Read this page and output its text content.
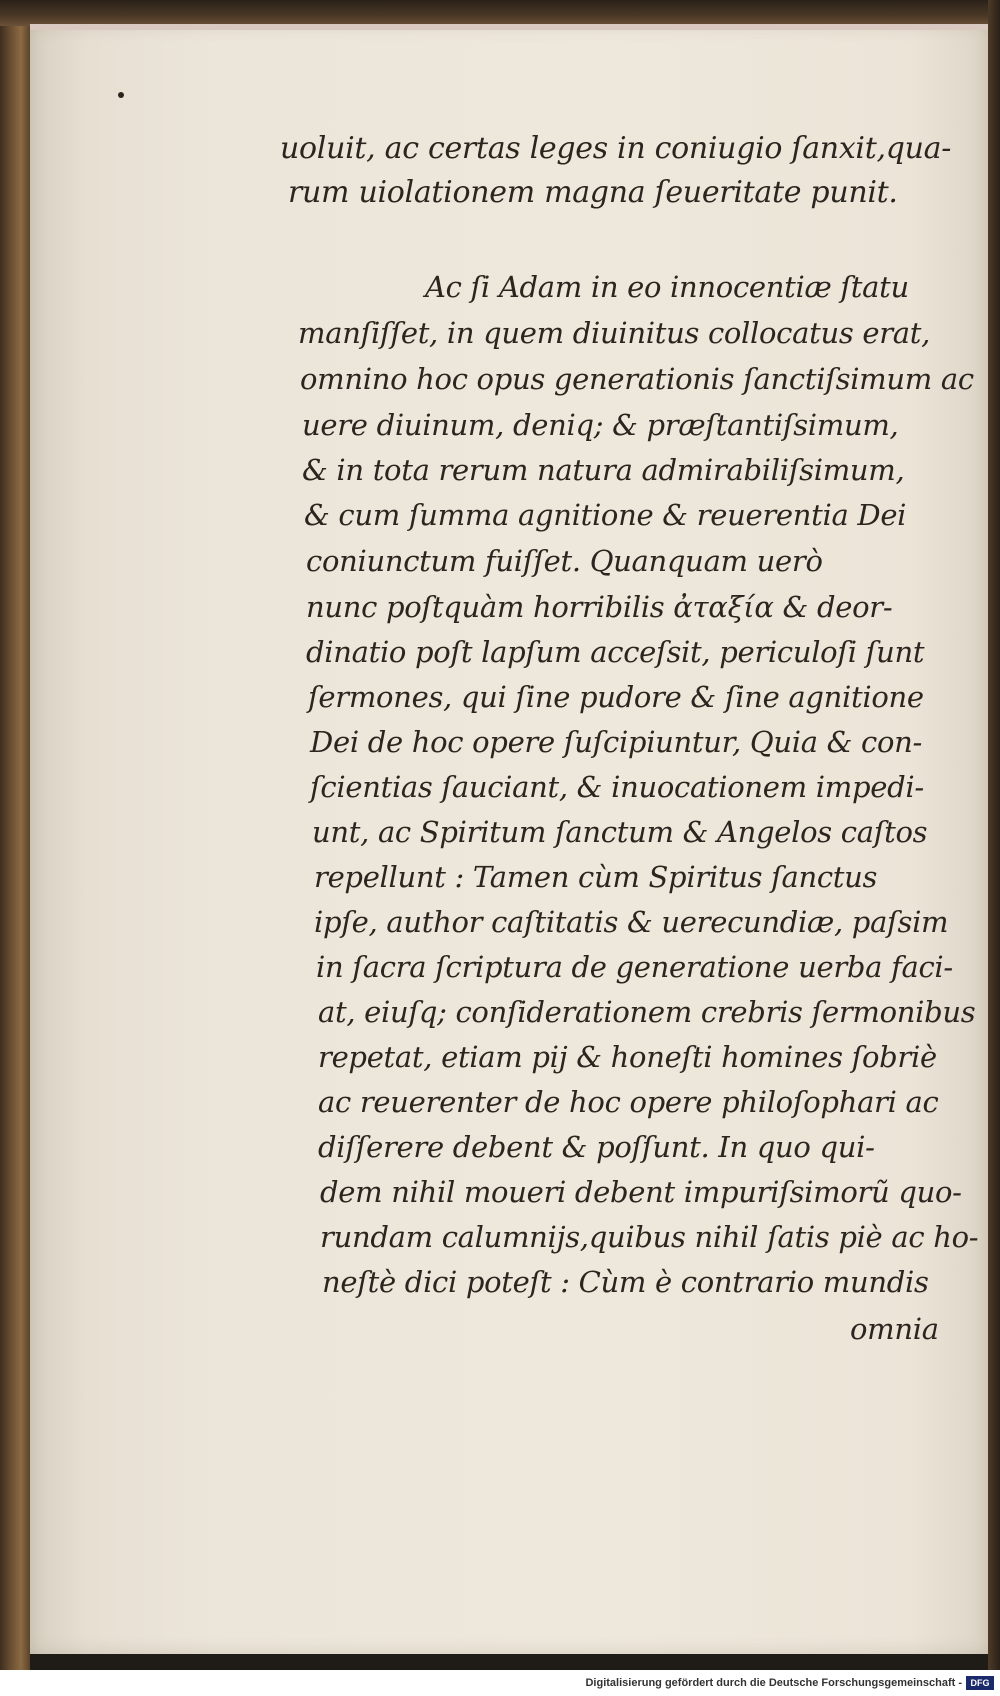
uoluit, ac certas leges in coniugio ſanxit,qua-
rum uiolationem magna ſeueritate punit.
Ac ſi Adam in eo innocentiæ ſtatu
manſiſſet, in quem diuinitus collocatus erat,
omnino hoc opus generationis ſanctiſsimum ac
uere diuinum, deniq; & præſtantiſsimum,
& in tota rerum natura admirabiliſsimum,
& cum ſumma agnitione & reuerentia Dei
coniunctum fuiſſet. Quanquam uerò
nunc poſtquàm horribilis ἀταξία & deor-
dinatio poſt lapſum acceſsit, periculoſi ſunt
ſermones, qui ſine pudore & ſine agnitione
Dei de hoc opere ſuſcipiuntur, Quia & con-
ſcientias ſauciant, & inuocationem impedi-
unt, ac Spiritum ſanctum & Angelos caſtos
repellunt : Tamen cùm Spiritus ſanctus
ipſe, author caſtitatis & uerecundiæ, paſsim
in ſacra ſcriptura de generatione uerba faci-
at, eiuſq; conſiderationem crebris ſermonibus
repetat, etiam pij & honeſti homines ſobriè
ac reuerenter de hoc opere philoſophari ac
diſſerere debent & poſſunt. In quo qui-
dem nihil moueri debent impuriſsimorũ quo-
rundam calumnijs,quibus nihil ſatis piè ac ho-
neſtè dici poteſt : Cùm è contrario mundis
omnia
Digitalisierung gefördert durch die Deutsche Forschungsgemeinschaft - DFG
